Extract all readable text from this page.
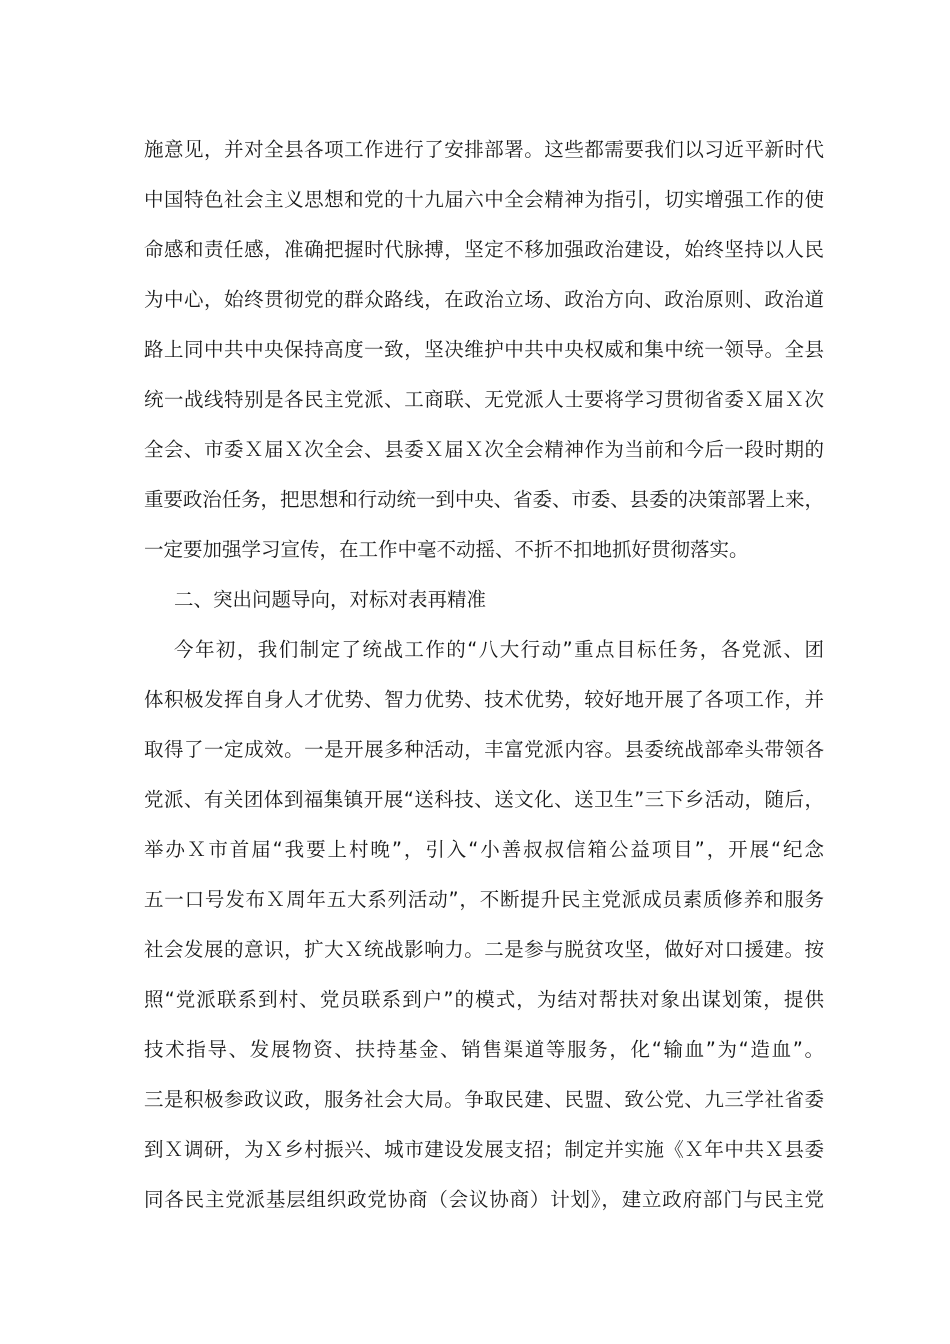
施意见，并对全县各项工作进行了安排部署。这些都需要我们以习近平新时代
中国特色社会主义思想和党的十九届六中全会精神为指引，切实增强工作的使
命感和责任感，准确把握时代脉搏，坚定不移加强政治建设，始终坚持以人民
为中心，始终贯彻党的群众路线，在政治立场、政治方向、政治原则、政治道
路上同中共中央保持高度一致，坚决维护中共中央权威和集中统一领导。全县
统一战线特别是各民主党派、工商联、无党派人士要将学习贯彻省委Ｘ届Ｘ次
全会、市委Ｘ届Ｘ次全会、县委Ｘ届Ｘ次全会精神作为当前和今后一段时期的
重要政治任务，把思想和行动统一到中央、省委、市委、县委的决策部署上来，
一定要加强学习宣传，在工作中毫不动摇、不折不扣地抓好贯彻落实。
二、突出问题导向，对标对表再精准
今年初，我们制定了统战工作的“八大行动”重点目标任务，各党派、团
体积极发挥自身人才优势、智力优势、技术优势，较好地开展了各项工作，并
取得了一定成效。一是开展多种活动，丰富党派内容。县委统战部牵头带领各
党派、有关团体到福集镇开展“送科技、送文化、送卫生”三下乡活动，随后，
举办Ｘ市首届“我要上村晚”，引入“小善叔叔信箱公益项目”，开展“纪念
五一口号发布Ｘ周年五大系列活动”，不断提升民主党派成员素质修养和服务
社会发展的意识，扩大Ｘ统战影响力。二是参与脱贫攻坚，做好对口援建。按
照“党派联系到村、党员联系到户”的模式，为结对帮扶对象出谋划策，提供
技术指导、发展物资、扶持基金、销售渠道等服务，化“输血”为“造血”。
三是积极参政议政，服务社会大局。争取民建、民盟、致公党、九三学社省委
到Ｘ调研，为Ｘ乡村振兴、城市建设发展支招；制定并实施《Ｘ年中共Ｘ县委
同各民主党派基层组织政党协商（会议协商）计划》，建立政府部门与民主党
